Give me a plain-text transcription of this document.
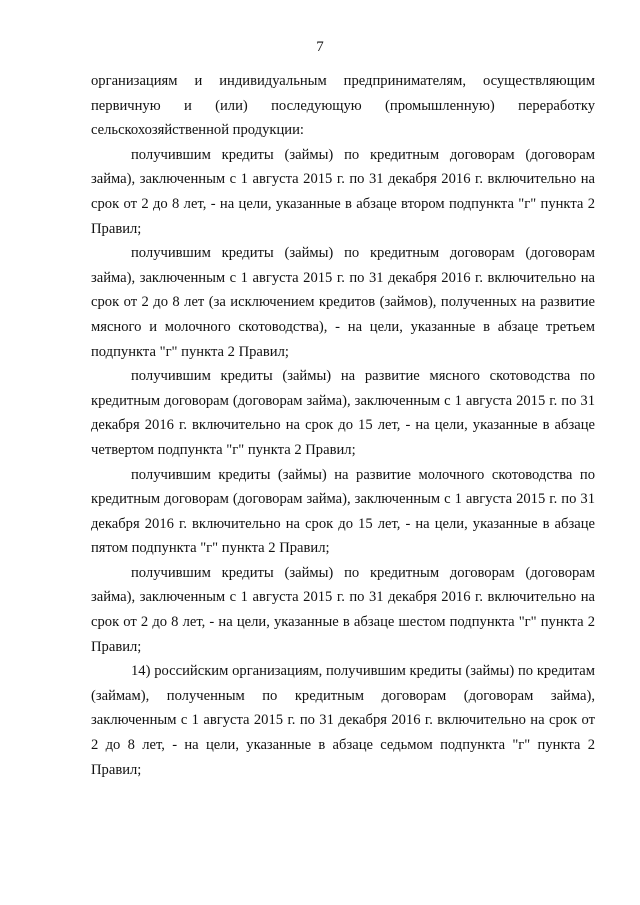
7

организациям и индивидуальным предпринимателям, осуществляющим первичную и (или) последующую (промышленную) переработку сельскохозяйственной продукции:

получившим кредиты (займы) по кредитным договорам (договорам займа), заключенным с 1 августа 2015 г. по 31 декабря 2016 г. включительно на срок от 2 до 8 лет, - на цели, указанные в абзаце втором подпункта "г" пункта 2 Правил;

получившим кредиты (займы) по кредитным договорам (договорам займа), заключенным с 1 августа 2015 г. по 31 декабря 2016 г. включительно на срок от 2 до 8 лет (за исключением кредитов (займов), полученных на развитие мясного и молочного скотоводства), - на цели, указанные в абзаце третьем подпункта "г" пункта 2 Правил;

получившим кредиты (займы) на развитие мясного скотоводства по кредитным договорам (договорам займа), заключенным с 1 августа 2015 г. по 31 декабря 2016 г. включительно на срок до 15 лет, - на цели, указанные в абзаце четвертом подпункта "г" пункта 2 Правил;

получившим кредиты (займы) на развитие молочного скотоводства по кредитным договорам (договорам займа), заключенным с 1 августа 2015 г. по 31 декабря 2016 г. включительно на срок до 15 лет, - на цели, указанные в абзаце пятом подпункта "г" пункта 2 Правил;

получившим кредиты (займы) по кредитным договорам (договорам займа), заключенным с 1 августа 2015 г. по 31 декабря 2016 г. включительно на срок от 2 до 8 лет, - на цели, указанные в абзаце шестом подпункта "г" пункта 2 Правил;

14) российским организациям, получившим кредиты (займы) по кредитам (займам), полученным по кредитным договорам (договорам займа), заключенным с 1 августа 2015 г. по 31 декабря 2016 г. включительно на срок от 2 до 8 лет, - на цели, указанные в абзаце седьмом подпункта "г" пункта 2 Правил;
